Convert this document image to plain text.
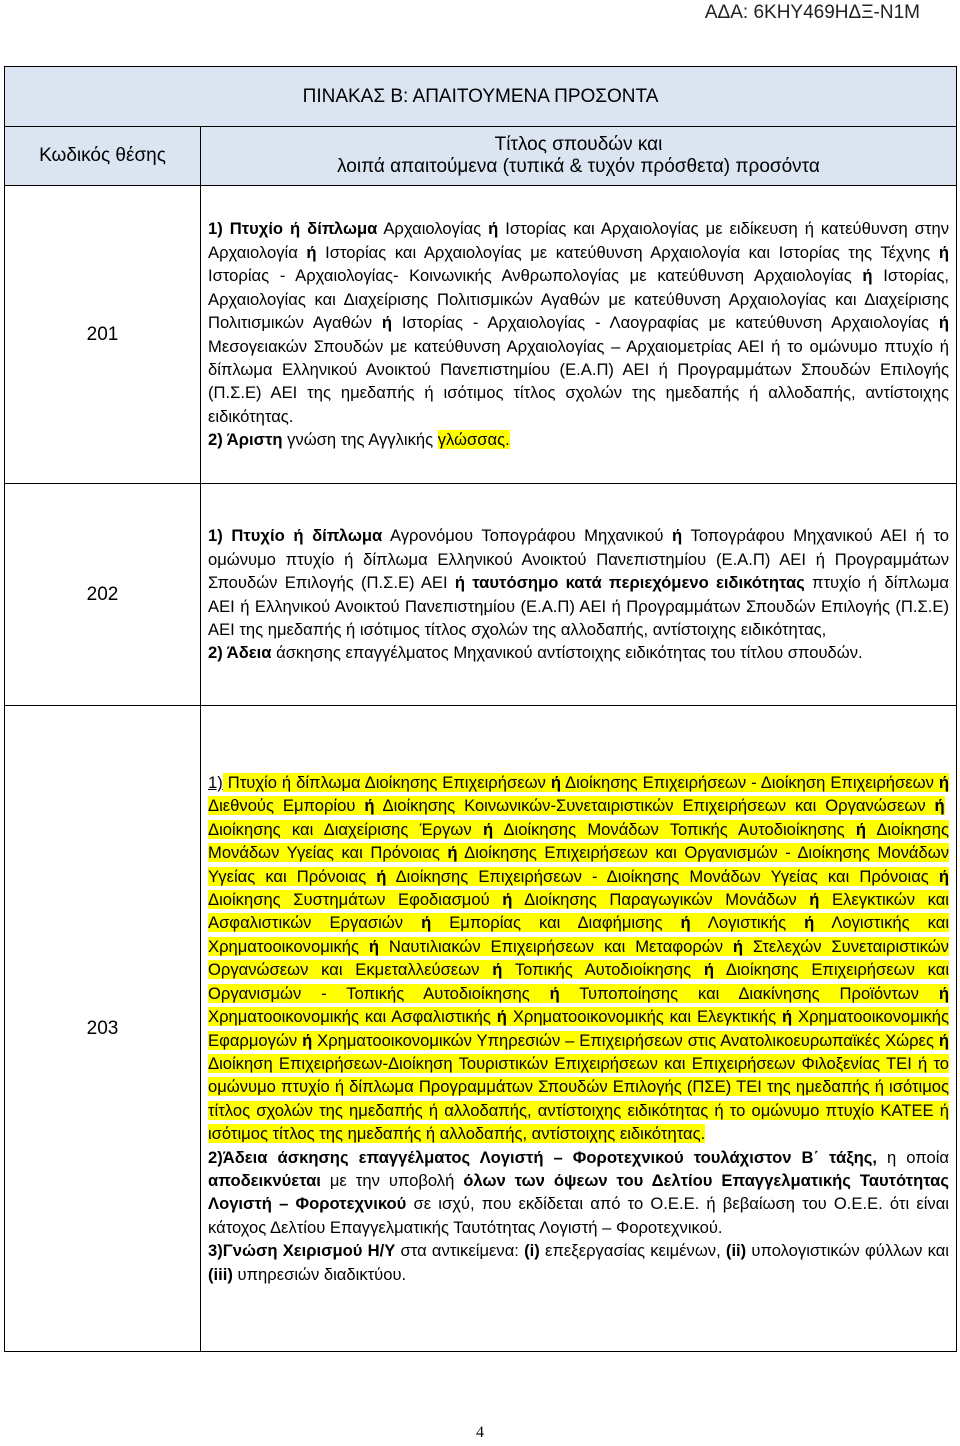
ΑΔΑ: 6ΚΗΥ469ΗΔΞ-Ν1Μ
ΠΙΝΑΚΑΣ Β: ΑΠΑΙΤΟΥΜΕΝΑ ΠΡΟΣΟΝΤΑ	
Κωδικός θέσης	Τίτλος σπουδών και
λοιπά απαιτούμενα (τυπικά & τυχόν πρόσθετα) προσόντα

201	1) Πτυχίο ή δίπλωμα Αρχαιολογίας ή Ιστορίας και Αρχαιολογίας με ειδίκευση ή κατεύθυνση στην Αρχαιολογία ή Ιστορίας και Αρχαιολογίας με κατεύθυνση Αρχαιολογία και Ιστορίας της Τέχνης ή Ιστορίας - Αρχαιολογίας- Κοινωνικής Ανθρωπολογίας με κατεύθυνση Αρχαιολογίας ή Ιστορίας, Αρχαιολογίας και Διαχείρισης Πολιτισμικών Αγαθών με κατεύθυνση Αρχαιολογίας και Διαχείρισης Πολιτισμικών Αγαθών ή Ιστορίας - Αρχαιολογίας - Λαογραφίας με κατεύθυνση Αρχαιολογίας ή Μεσογειακών Σπουδών με κατεύθυνση Αρχαιολογίας – Αρχαιομετρίας ΑΕΙ ή το ομώνυμο πτυχίο ή δίπλωμα Ελληνικού Ανοικτού Πανεπιστημίου (Ε.Α.Π) ΑΕΙ ή Προγραμμάτων Σπουδών Επιλογής (Π.Σ.Ε) ΑΕΙ της ημεδαπής ή ισότιμος τίτλος σχολών της ημεδαπής ή αλλοδαπής, αντίστοιχης ειδικότητας.

2) Άριστη γνώση της Αγγλικής γλώσσας.

202	1) Πτυχίο ή δίπλωμα Αγρονόμου Τοπογράφου Μηχανικού ή Τοπογράφου Μηχανικού ΑΕΙ ή το ομώνυμο πτυχίο ή δίπλωμα Ελληνικού Ανοικτού Πανεπιστημίου (Ε.Α.Π) ΑΕΙ ή Προγραμμάτων Σπουδών Επιλογής (Π.Σ.Ε) ΑΕΙ ή ταυτόσημο κατά περιεχόμενο ειδικότητας πτυχίο ή δίπλωμα ΑΕΙ ή Ελληνικού Ανοικτού Πανεπιστημίου (Ε.Α.Π) ΑΕΙ ή Προγραμμάτων Σπουδών Επιλογής (Π.Σ.Ε) ΑΕΙ της ημεδαπής ή ισότιμος τίτλος σχολών της αλλοδαπής, αντίστοιχης ειδικότητας,

2) Άδεια άσκησης επαγγέλματος Μηχανικού αντίστοιχης ειδικότητας του τίτλου σπουδών.

203	1) Πτυχίο ή δίπλωμα Διοίκησης Επιχειρήσεων ή Διοίκησης Επιχειρήσεων - Διοίκηση Επιχειρήσεων ή Διεθνούς Εμπορίου ή Διοίκησης Κοινωνικών-Συνεταιριστικών Επιχειρήσεων και Οργανώσεων ή Διοίκησης και Διαχείρισης Έργων ή Διοίκησης Μονάδων Τοπικής Αυτοδιοίκησης ή Διοίκησης Μονάδων Υγείας και Πρόνοιας ή Διοίκησης Επιχειρήσεων και Οργανισμών - Διοίκησης Μονάδων Υγείας και Πρόνοιας ή Διοίκησης Επιχειρήσεων - Διοίκησης Μονάδων Υγείας και Πρόνοιας ή Διοίκησης Συστημάτων Εφοδιασμού ή Διοίκησης Παραγωγικών Μονάδων ή Ελεγκτικών και Ασφαλιστικών Εργασιών ή Εμπορίας και Διαφήμισης ή Λογιστικής ή Λογιστικής και Χρηματοοικονομικής ή Ναυτιλιακών Επιχειρήσεων και Μεταφορών ή Στελεχών Συνεταιριστικών Οργανώσεων και Εκμεταλλεύσεων ή Τοπικής Αυτοδιοίκησης ή Διοίκησης Επιχειρήσεων και Οργανισμών - Τοπικής Αυτοδιοίκησης ή Τυποποίησης και Διακίνησης Προϊόντων ή Χρηματοοικονομικής και Ασφαλιστικής ή Χρηματοοικονομικής και Ελεγκτικής ή Χρηματοοικονομικής Εφαρμογών ή Χρηματοοικονομικών Υπηρεσιών – Επιχειρήσεων στις Ανατολικοευρωπαϊκές Χώρες ή Διοίκηση Επιχειρήσεων-Διοίκηση Τουριστικών Επιχειρήσεων και Επιχειρήσεων Φιλοξενίας ΤΕΙ ή το ομώνυμο πτυχίο ή δίπλωμα Προγραμμάτων Σπουδών Επιλογής (ΠΣΕ) ΤΕΙ της ημεδαπής ή ισότιμος τίτλος σχολών της ημεδαπής ή αλλοδαπής, αντίστοιχης ειδικότητας ή το ομώνυμο πτυχίο ΚΑΤΕΕ ή ισότιμος τίτλος της ημεδαπής ή αλλοδαπής, αντίστοιχης ειδικότητας.

2)Άδεια άσκησης επαγγέλματος Λογιστή – Φοροτεχνικού τουλάχιστον Β΄ τάξης, η οποία αποδεικνύεται με την υποβολή όλων των όψεων του Δελτίου Επαγγελματικής Ταυτότητας Λογιστή – Φοροτεχνικού σε ισχύ, που εκδίδεται από το Ο.Ε.Ε. ή βεβαίωση του Ο.Ε.Ε. ότι είναι κάτοχος Δελτίου Επαγγελματικής Ταυτότητας Λογιστή – Φοροτεχνικού.

3)Γνώση Χειρισμού Η/Υ στα αντικείμενα: (i) επεξεργασίας κειμένων, (ii) υπολογιστικών φύλλων και (iii) υπηρεσιών διαδικτύου.

4
